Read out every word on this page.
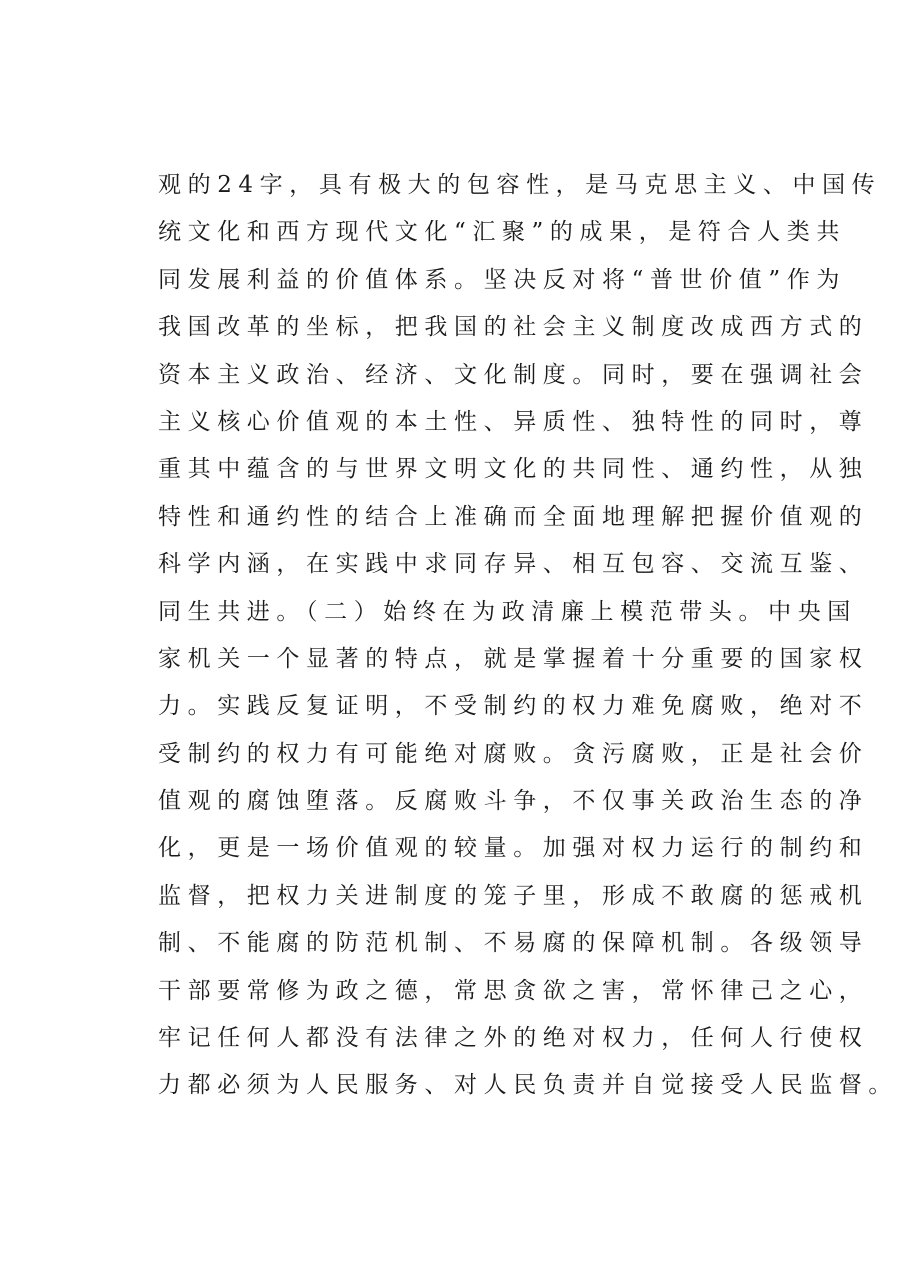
观的24字，具有极大的包容性，是马克思主义、中国传
统文化和西方现代文化“汇聚”的成果，是符合人类共
同发展利益的价值体系。坚决反对将“普世价值”作为
我国改革的坐标，把我国的社会主义制度改成西方式的
资本主义政治、经济、文化制度。同时，要在强调社会
主义核心价值观的本土性、异质性、独特性的同时，尊
重其中蕴含的与世界文明文化的共同性、通约性，从独
特性和通约性的结合上准确而全面地理解把握价值观的
科学内涵，在实践中求同存异、相互包容、交流互鉴、
同生共进。（二）始终在为政清廉上模范带头。中央国
家机关一个显著的特点，就是掌握着十分重要的国家权
力。实践反复证明，不受制约的权力难免腐败，绝对不
受制约的权力有可能绝对腐败。贪污腐败，正是社会价
值观的腐蚀堕落。反腐败斗争，不仅事关政治生态的净
化，更是一场价值观的较量。加强对权力运行的制约和
监督，把权力关进制度的笼子里，形成不敢腐的惩戒机
制、不能腐的防范机制、不易腐的保障机制。各级领导
干部要常修为政之德，常思贪欲之害，常怀律己之心，
牢记任何人都没有法律之外的绝对权力，任何人行使权
力都必须为人民服务、对人民负责并自觉接受人民监督。
